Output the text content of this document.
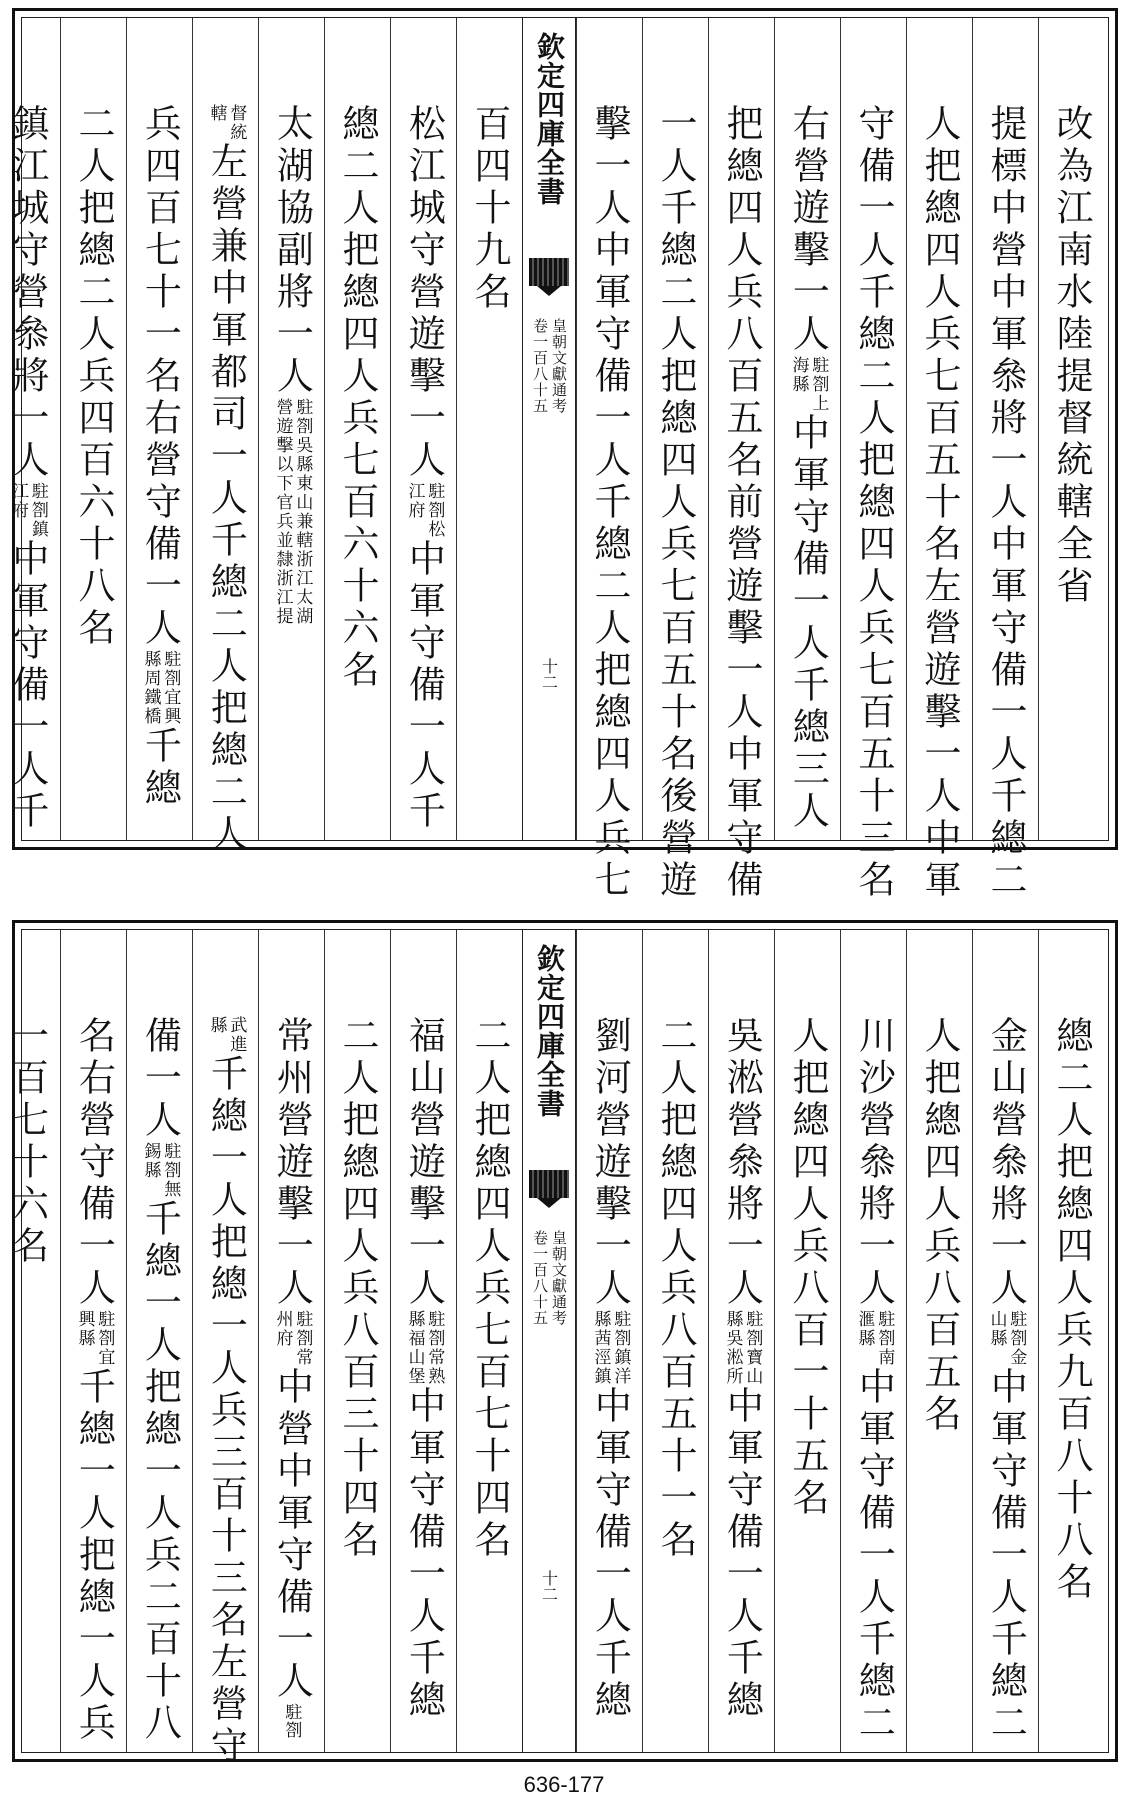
改為江南水陸提督統轄全省
提標中營中軍叅將一人中軍守備一人千總二
人把總四人兵七百五十名左營遊擊一人中軍
守備一人千總二人把總四人兵七百五十三名
右營遊擊一人
駐劄上
海縣
中軍守備一人千總三人
把總四人兵八百五名前營遊擊一人中軍守備
一人千總二人把總四人兵七百五十名後營遊
擊一人中軍守備一人千總二人把總四人兵七
百四十九名
松江城守營遊擊一人
駐劄松
江府
中軍守備一人千
總二人把總四人兵七百六十六名
太湖協副將一人
駐劄吳縣東山兼轄浙江太湖
營遊擊以下官兵並隸浙江提
督統
轄
左營兼中軍都司一人千總二人把總二人
兵四百七十一名右營守備一人
駐劄宜興
縣周鐵橋
千總
二人把總二人兵四百六十八名
鎮江城守營叅將一人
駐劄鎮
江府
中軍守備一人千
欽定四庫全書
皇朝文獻通考
卷一百八十五
十二
總二人把總四人兵九百八十八名
金山營叅將一人
駐劄金
山縣
中軍守備一人千總二
人把總四人兵八百五名
川沙營叅將一人
駐劄南
滙縣
中軍守備一人千總二
人把總四人兵八百一十五名
吳淞營叅將一人
駐劄寶山
縣吳淞所
中軍守備一人千總
二人把總四人兵八百五十一名
劉河營遊擊一人
駐劄鎮洋
縣茜涇鎮
中軍守備一人千總
二人把總四人兵七百七十四名
福山營遊擊一人
駐劄常熟
縣福山堡
中軍守備一人千總
二人把總四人兵八百三十四名
常州營遊擊一人
駐劄常
州府
中營中軍守備一人駐劄
武進
縣
千總一人把總一人兵三百十三名左營守
備一人
駐劄無
錫縣
千總一人把總一人兵二百十八
名右營守備一人
駐劄宜
興縣
千總一人把總一人兵
一百七十六名	欽定四庫全書
皇朝文獻通考
卷一百八十五
十二
636-177
